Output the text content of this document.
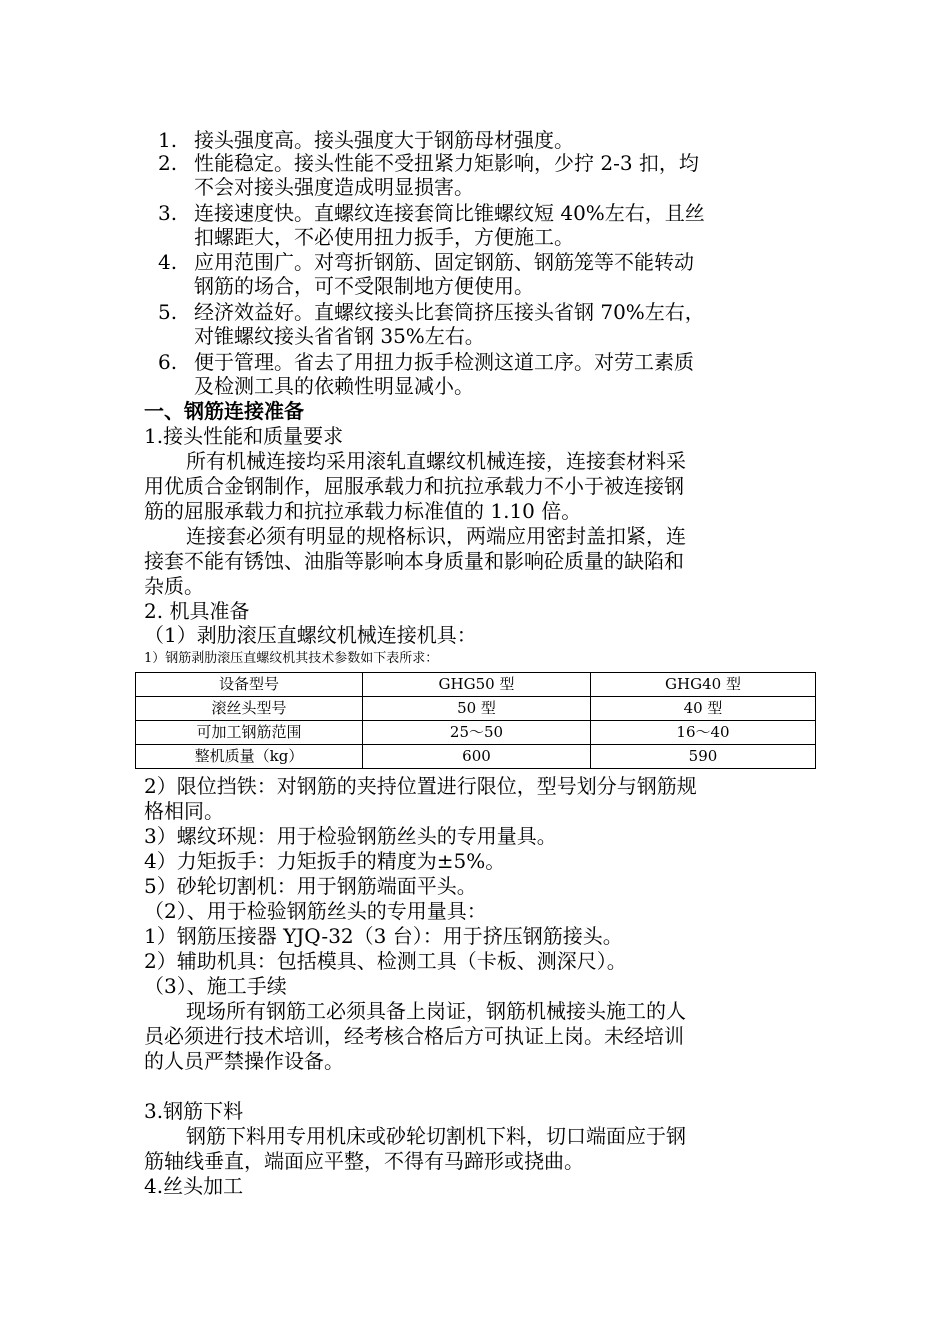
1. 接头强度高。接头强度大于钢筋母材强度。
2. 性能稳定。接头性能不受扭紧力矩影响，少拧 2-3 扣，均
不会对接头强度造成明显损害。
3. 连接速度快。直螺纹连接套筒比锥螺纹短 40%左右，且丝
扣螺距大，不必使用扭力扳手，方便施工。
4. 应用范围广。对弯折钢筋、固定钢筋、钢筋笼等不能转动
钢筋的场合，可不受限制地方便使用。
5. 经济效益好。直螺纹接头比套筒挤压接头省钢 70%左右，
对锥螺纹接头省省钢 35%左右。
6. 便于管理。省去了用扭力扳手检测这道工序。对劳工素质
及检测工具的依赖性明显减小。
一、钢筋连接准备
1.接头性能和质量要求
所有机械连接均采用滚轧直螺纹机械连接，连接套材料采
用优质合金钢制作，屈服承载力和抗拉承载力不小于被连接钢
筋的屈服承载力和抗拉承载力标准值的 1.10 倍。
连接套必须有明显的规格标识，两端应用密封盖扣紧，连
接套不能有锈蚀、油脂等影响本身质量和影响砼质量的缺陷和
杂质。
2. 机具准备
（1）剥肋滚压直螺纹机械连接机具：
1）钢筋剥肋滚压直螺纹机其技术参数如下表所求：
设备型号	GHG50 型	GHG40 型
滚丝头型号	50 型	40 型
可加工钢筋范围	25～50	16～40
整机质量（kg）	600	590
2）限位挡铁：对钢筋的夹持位置进行限位，型号划分与钢筋规
格相同。
3）螺纹环规：用于检验钢筋丝头的专用量具。
4）力矩扳手：力矩扳手的精度为±5%。
5）砂轮切割机：用于钢筋端面平头。
（2）、用于检验钢筋丝头的专用量具：
1）钢筋压接器 YJQ-32（3 台）：用于挤压钢筋接头。
2）辅助机具：包括模具、检测工具（卡板、测深尺）。
（3）、施工手续
现场所有钢筋工必须具备上岗证，钢筋机械接头施工的人
员必须进行技术培训，经考核合格后方可执证上岗。未经培训
的人员严禁操作设备。
3.钢筋下料
钢筋下料用专用机床或砂轮切割机下料，切口端面应于钢
筋轴线垂直，端面应平整，不得有马蹄形或挠曲。
4.丝头加工
